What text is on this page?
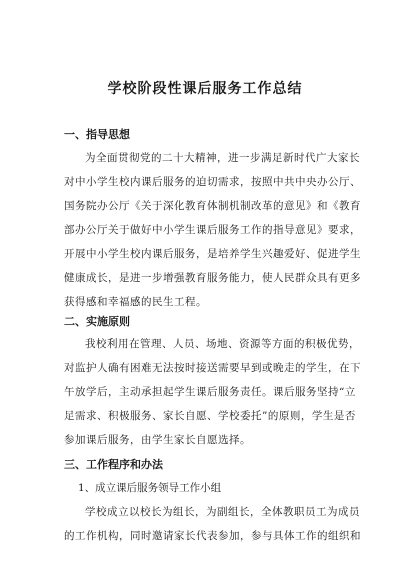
学校阶段性课后服务工作总结
一、指导思想
为全面贯彻党的二十大精神，进一步满足新时代广大家长
对中小学生校内课后服务的迫切需求，按照中共中央办公厅、
国务院办公厅《关于深化教育体制机制改革的意见》和《教育
部办公厅关于做好中小学生课后服务工作的指导意见》要求，
开展中小学生校内课后服务，是培养学生兴趣爱好、促进学生
健康成长，是进一步增强教育服务能力，使人民群众具有更多
获得感和幸福感的民生工程。
二、实施原则
我校利用在管理、人员、场地、资源等方面的积极优势，
对监护人确有困难无法按时接送需要早到或晚走的学生，在下
午放学后，主动承担起学生课后服务责任。课后服务坚持“立
足需求、积极服务、家长自愿、学校委托”的原则，学生是否
参加课后服务，由学生家长自愿选择。
三、工作程序和办法
1、成立课后服务领导工作小组
学校成立以校长为组长，为副组长，全体教职员工为成员
的工作机构，同时邀请家长代表参加，参与具体工作的组织和
